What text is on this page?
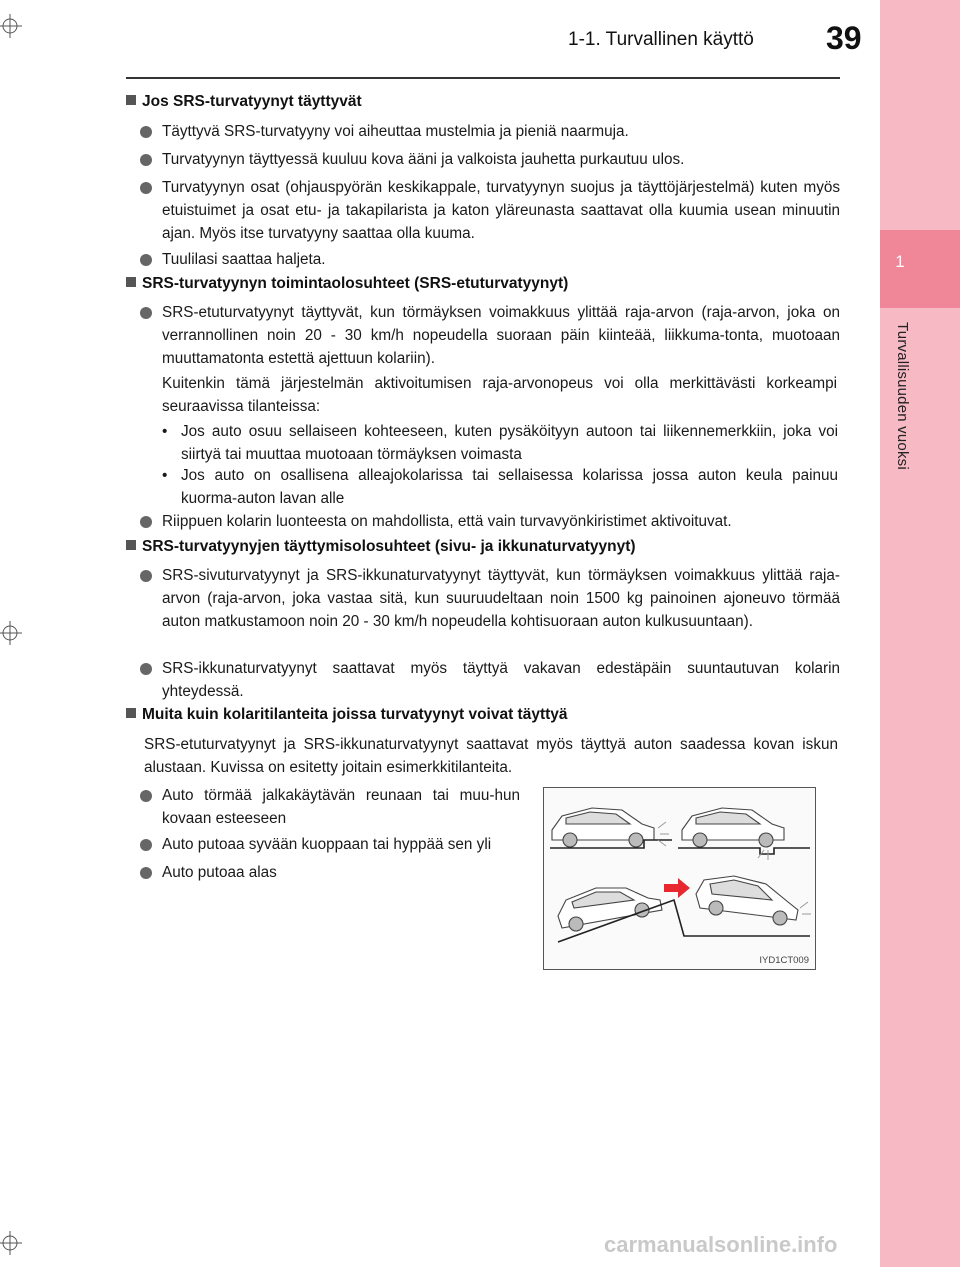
1
Turvallisuuden vuoksi
1-1. Turvallinen käyttö 39
Jos SRS-turvatyynyt täyttyvät
Täyttyvä SRS-turvatyyny voi aiheuttaa mustelmia ja pieniä naarmuja.
Turvatyynyn täyttyessä kuuluu kova ääni ja valkoista jauhetta purkautuu ulos.
Turvatyynyn osat (ohjauspyörän keskikappale, turvatyynyn suojus ja täyttöjärjestelmä) kuten myös etuistuimet ja osat etu- ja takapilarista ja katon yläreunasta saattavat olla kuumia usean minuutin ajan. Myös itse turvatyyny saattaa olla kuuma.
Tuulilasi saattaa haljeta.
SRS-turvatyynyn toimintaolosuhteet (SRS-etuturvatyynyt)
SRS-etuturvatyynyt täyttyvät, kun törmäyksen voimakkuus ylittää raja-arvon (raja-arvon, joka on verrannollinen noin 20 - 30 km/h nopeudella suoraan päin kiinteää, liikkuma-tonta, muotoaan muuttamatonta estettä ajettuun kolariin).
Kuitenkin tämä järjestelmän aktivoitumisen raja-arvonopeus voi olla merkittävästi korkeampi seuraavissa tilanteissa:
• Jos auto osuu sellaiseen kohteeseen, kuten pysäköityyn autoon tai liikennemerkkiin, joka voi siirtyä tai muuttaa muotoaan törmäyksen voimasta
• Jos auto on osallisena alleajokolarissa tai sellaisessa kolarissa jossa auton keula painuu kuorma-auton lavan alle
Riippuen kolarin luonteesta on mahdollista, että vain turvavyönkiristimet aktivoituvat.
SRS-turvatyynyjen täyttymisolosuhteet (sivu- ja ikkunaturvatyynyt)
SRS-sivuturvatyynyt ja SRS-ikkunaturvatyynyt täyttyvät, kun törmäyksen voimakkuus ylittää raja-arvon (raja-arvon, joka vastaa sitä, kun suuruudeltaan noin 1500 kg painoinen ajoneuvo törmää auton matkustamoon noin 20 - 30 km/h nopeudella kohtisuoraan auton kulkusuuntaan).
SRS-ikkunaturvatyynyt saattavat myös täyttyä vakavan edestäpäin suuntautuvan kolarin yhteydessä.
Muita kuin kolaritilanteita joissa turvatyynyt voivat täyttyä
SRS-etuturvatyynyt ja SRS-ikkunaturvatyynyt saattavat myös täyttyä auton saadessa kovan iskun alustaan. Kuvissa on esitetty joitain esimerkkitilanteita.
Auto törmää jalkakäytävän reunaan tai muu-hun kovaan esteeseen
Auto putoaa syvään kuoppaan tai hyppää sen yli
Auto putoaa alas
IYD1CT009
carmanualsonline.info
